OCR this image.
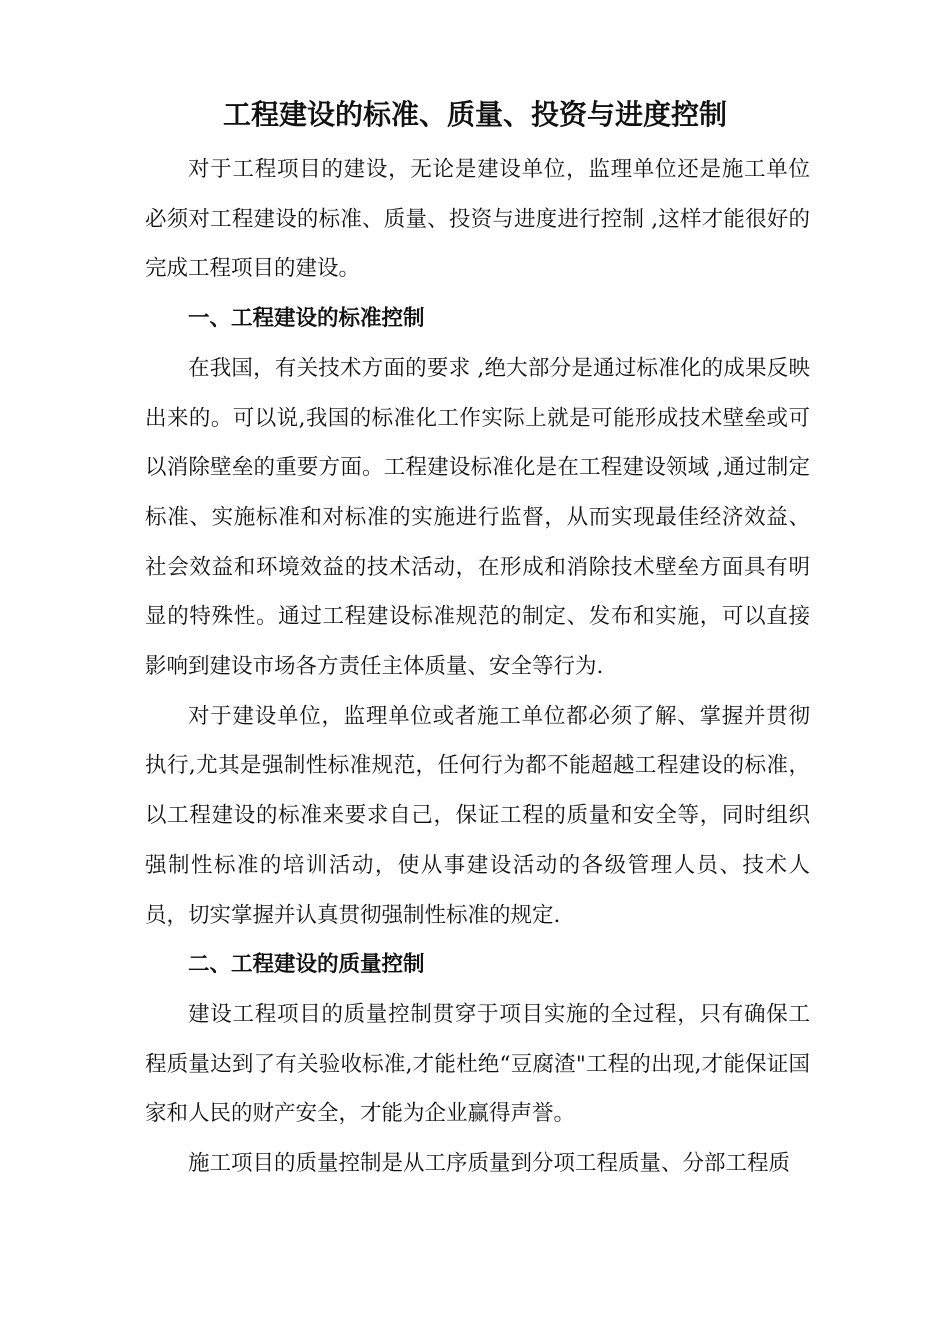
工程建设的标准、质量、投资与进度控制

对于工程项目的建设，无论是建设单位，监理单位还是施工单位必须对工程建设的标准、质量、投资与进度进行控制 ,这样才能很好的完成工程项目的建设。

一、工程建设的标准控制

在我国，有关技术方面的要求 ,绝大部分是通过标准化的成果反映出来的。可以说,我国的标准化工作实际上就是可能形成技术壁垒或可以消除壁垒的重要方面。工程建设标准化是在工程建设领域 ,通过制定标准、实施标准和对标准的实施进行监督，从而实现最佳经济效益、社会效益和环境效益的技术活动，在形成和消除技术壁垒方面具有明显的特殊性。通过工程建设标准规范的制定、发布和实施，可以直接影响到建设市场各方责任主体质量、安全等行为.

对于建设单位，监理单位或者施工单位都必须了解、掌握并贯彻执行,尤其是强制性标准规范，任何行为都不能超越工程建设的标准，以工程建设的标准来要求自己，保证工程的质量和安全等，同时组织强制性标准的培训活动，使从事建设活动的各级管理人员、技术人员，切实掌握并认真贯彻强制性标准的规定.

二、工程建设的质量控制

建设工程项目的质量控制贯穿于项目实施的全过程，只有确保工程质量达到了有关验收标准,才能杜绝“豆腐渣"工程的出现,才能保证国家和人民的财产安全，才能为企业赢得声誉。

施工项目的质量控制是从工序质量到分项工程质量、分部工程质
